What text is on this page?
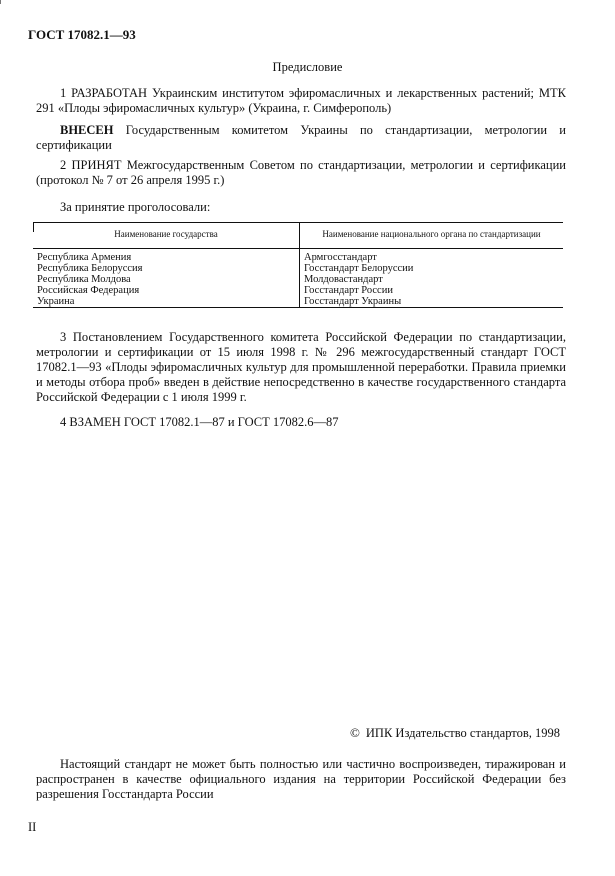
ГОСТ 17082.1—93
Предисловие
1 РАЗРАБОТАН Украинским институтом эфиромасличных и лекарственных растений; МТК 291 «Плоды эфиромасличных культур» (Украина, г. Симферополь)
ВНЕСЕН Государственным комитетом Украины по стандартизации, метрологии и сертификации
2 ПРИНЯТ Межгосударственным Советом по стандартизации, метрологии и сертификации (протокол № 7 от 26 апреля 1995 г.)
За принятие проголосовали:
Наименование государства	Наименование национального органа по стандартизации
Республика Армения	Армгосстандарт
Республика Белоруссия	Госстандарт Белоруссии
Республика Молдова	Молдовастандарт
Российская Федерация	Госстандарт России
Украина	Госстандарт Украины
3 Постановлением Государственного комитета Российской Федерации по стандартизации, метрологии и сертификации от 15 июля 1998 г. № 296 межгосударственный стандарт ГОСТ 17082.1—93 «Плоды эфиромасличных культур для промышленной переработки. Правила приемки и методы отбора проб» введен в действие непосредственно в качестве государственного стандарта Российской Федерации с 1 июля 1999 г.
4 ВЗАМЕН ГОСТ 17082.1—87 и ГОСТ 17082.6—87
© ИПК Издательство стандартов, 1998
Настоящий стандарт не может быть полностью или частично воспроизведен, тиражирован и распространен в качестве официального издания на территории Российской Федерации без разрешения Госстандарта России
II
